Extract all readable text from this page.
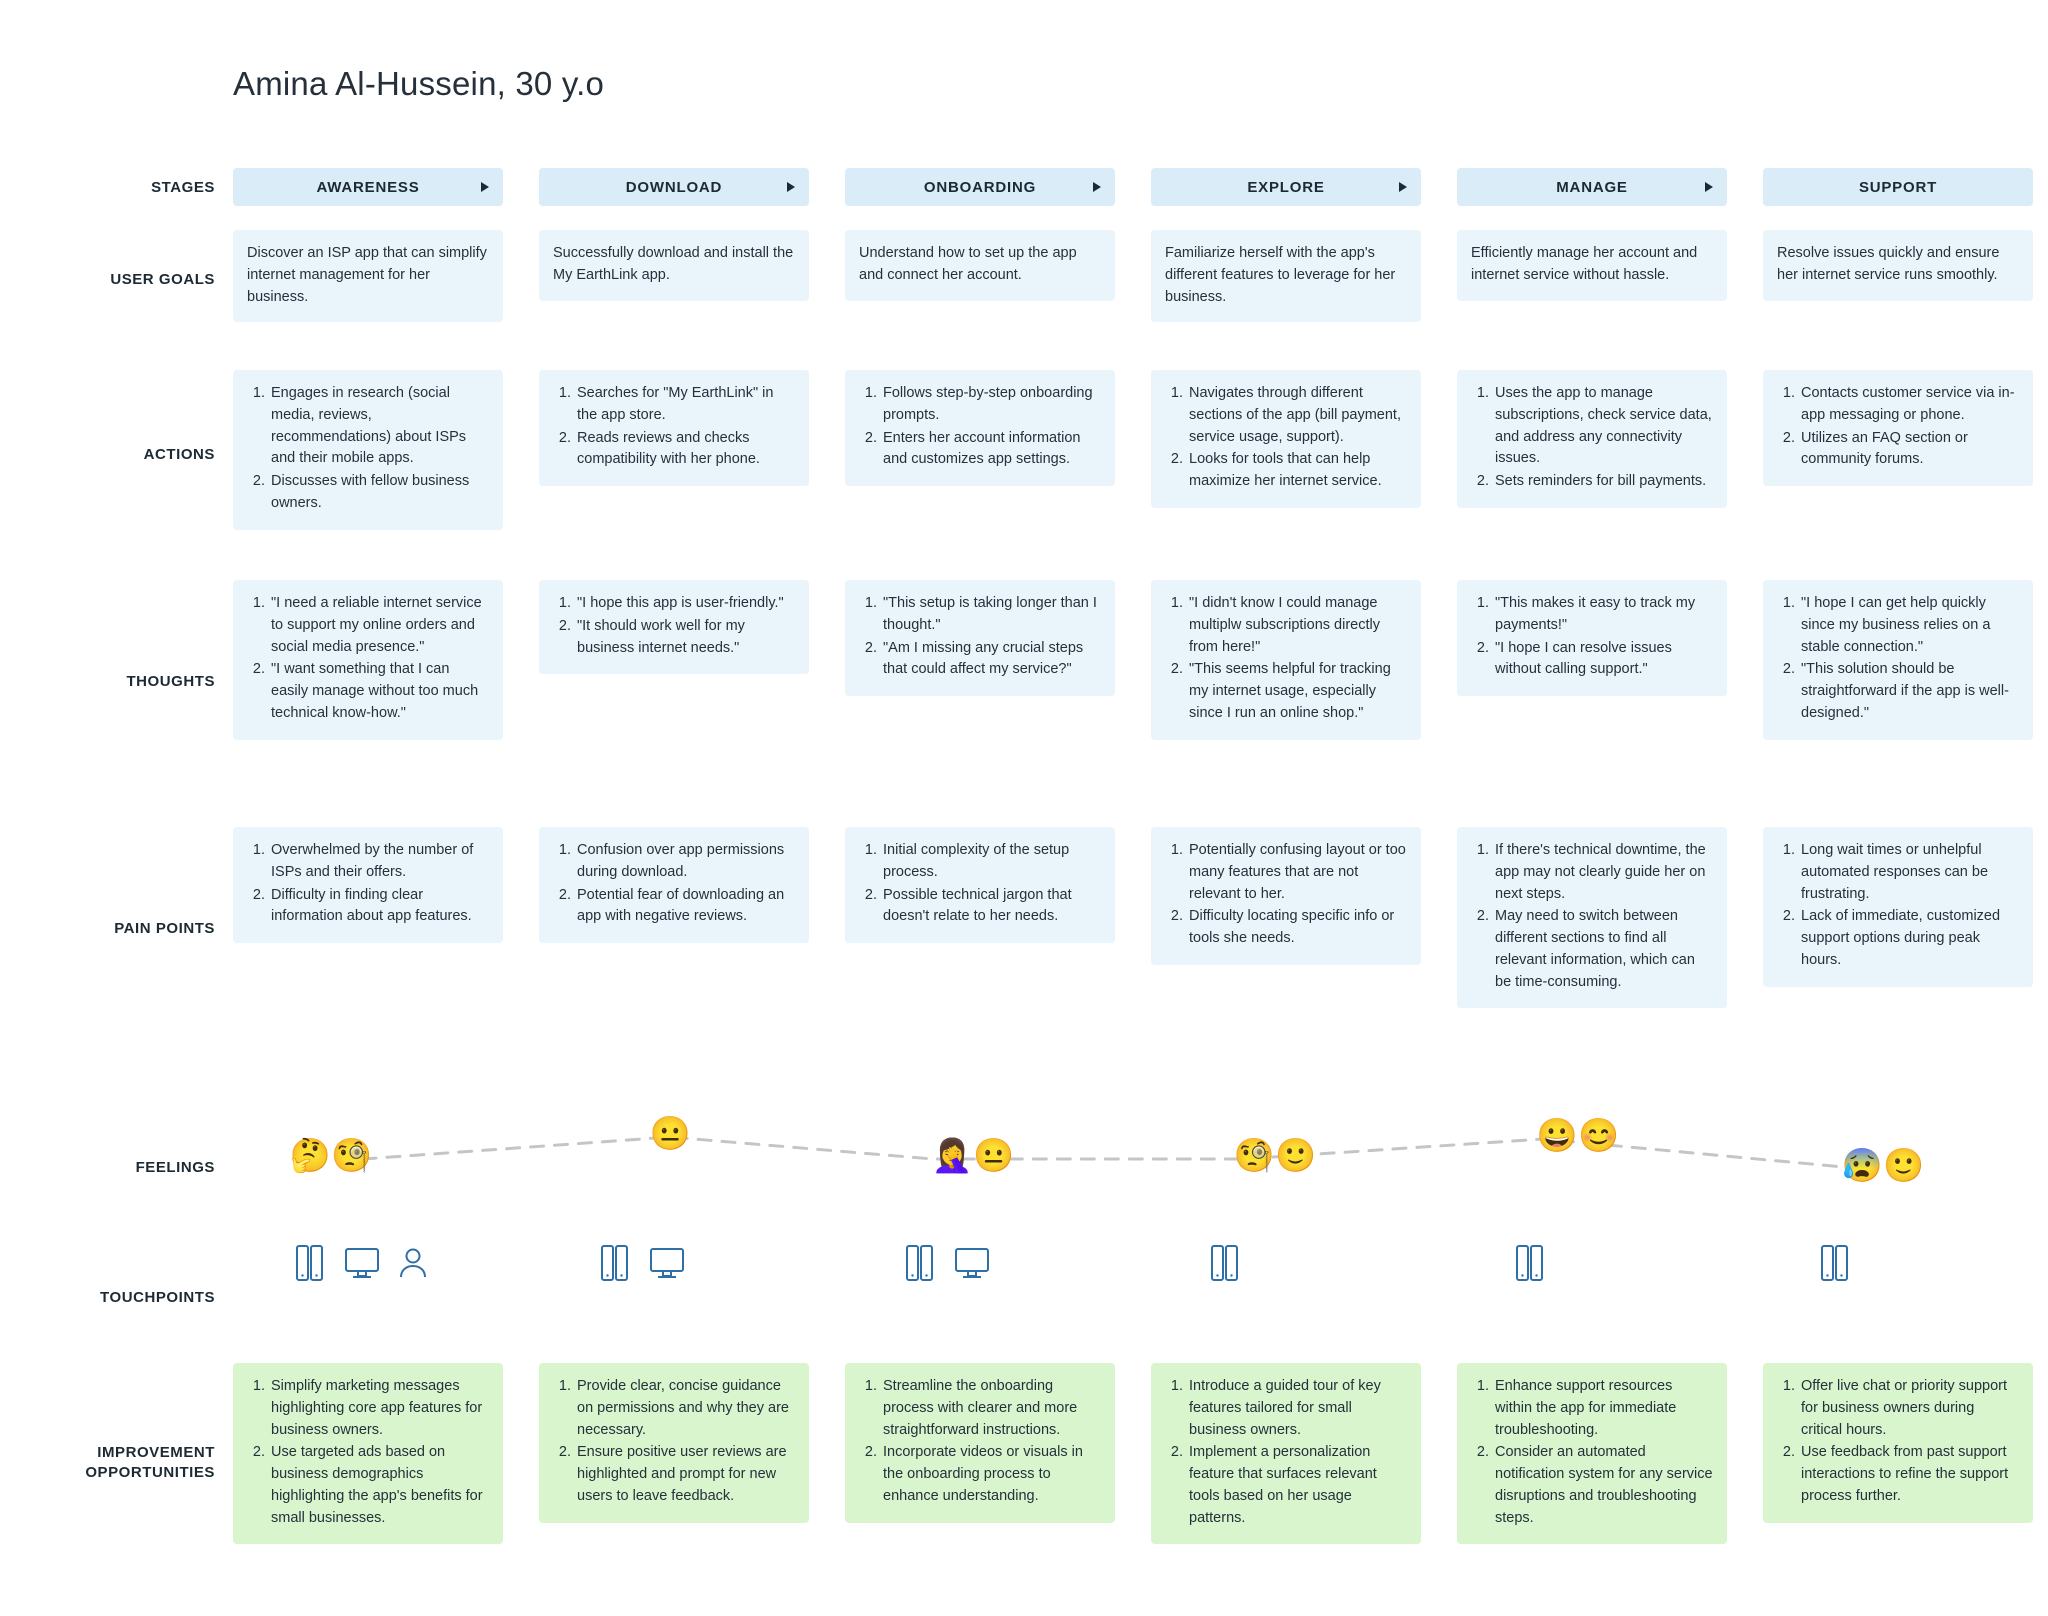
Amina Al-Hussein, 30 y.o
STAGES	AWARENESS	DOWNLOAD	ONBOARDING	EXPLORE	MANAGE	SUPPORT
USER GOALS
Discover an ISP app that can simplify internet management for her business.
Successfully download and install the My EarthLink app.
Understand how to set up the app and connect her account.
Familiarize herself with the app's different features to leverage for her business.
Efficiently manage her account and internet service without hassle.
Resolve issues quickly and ensure her internet service runs smoothly.
ACTIONS
1. Engages in research (social media, reviews, recommendations) about ISPs and their mobile apps.
2. Discusses with fellow business owners.
1. Searches for "My EarthLink" in the app store.
2. Reads reviews and checks compatibility with her phone.
1. Follows step-by-step onboarding prompts.
2. Enters her account information and customizes app settings.
1. Navigates through different sections of the app (bill payment, service usage, support).
2. Looks for tools that can help maximize her internet service.
1. Uses the app to manage subscriptions, check service data, and address any connectivity issues.
2. Sets reminders for bill payments.
1. Contacts customer service via in-app messaging or phone.
2. Utilizes an FAQ section or community forums.
THOUGHTS
1. "I need a reliable internet service to support my online orders and social media presence."
2. "I want something that I can easily manage without too much technical know-how."
1. "I hope this app is user-friendly."
2. "It should work well for my business internet needs."
1. "This setup is taking longer than I thought."
2. "Am I missing any crucial steps that could affect my service?"
1. "I didn't know I could manage multiplw subscriptions directly from here!"
2. "This seems helpful for tracking my internet usage, especially since I run an online shop."
1. "This makes it easy to track my payments!"
2. "I hope I can resolve issues without calling support."
1. "I hope I can get help quickly since my business relies on a stable connection."
2. "This solution should be straightforward if the app is well-designed."
PAIN POINTS
1. Overwhelmed by the number of ISPs and their offers.
2. Difficulty in finding clear information about app features.
1. Confusion over app permissions during download.
2. Potential fear of downloading an app with negative reviews.
1. Initial complexity of the setup process.
2. Possible technical jargon that doesn't relate to her needs.
1. Potentially confusing layout or too many features that are not relevant to her.
2. Difficulty locating specific info or tools she needs.
1. If there's technical downtime, the app may not clearly guide her on next steps.
2. May need to switch between different sections to find all relevant information, which can be time-consuming.
1. Long wait times or unhelpful automated responses can be frustrating.
2. Lack of immediate, customized support options during peak hours.
FEELINGS	🤔🧐
😐
🤦‍♀️😐	🧐🙂
😀😊
😰🙂
TOUCHPOINTS
IMPROVEMENT OPPORTUNITIES
1. Simplify marketing messages highlighting core app features for business owners.
2. Use targeted ads based on business demographics highlighting the app's benefits for small businesses.
1. Provide clear, concise guidance on permissions and why they are necessary.
2. Ensure positive user reviews are highlighted and prompt for new users to leave feedback.
1. Streamline the onboarding process with clearer and more straightforward instructions.
2. Incorporate videos or visuals in the onboarding process to enhance understanding.
1. Introduce a guided tour of key features tailored for small business owners.
2. Implement a personalization feature that surfaces relevant tools based on her usage patterns.
1. Enhance support resources within the app for immediate troubleshooting.
2. Consider an automated notification system for any service disruptions and troubleshooting steps.
1. Offer live chat or priority support for business owners during critical hours.
2. Use feedback from past support interactions to refine the support process further.
